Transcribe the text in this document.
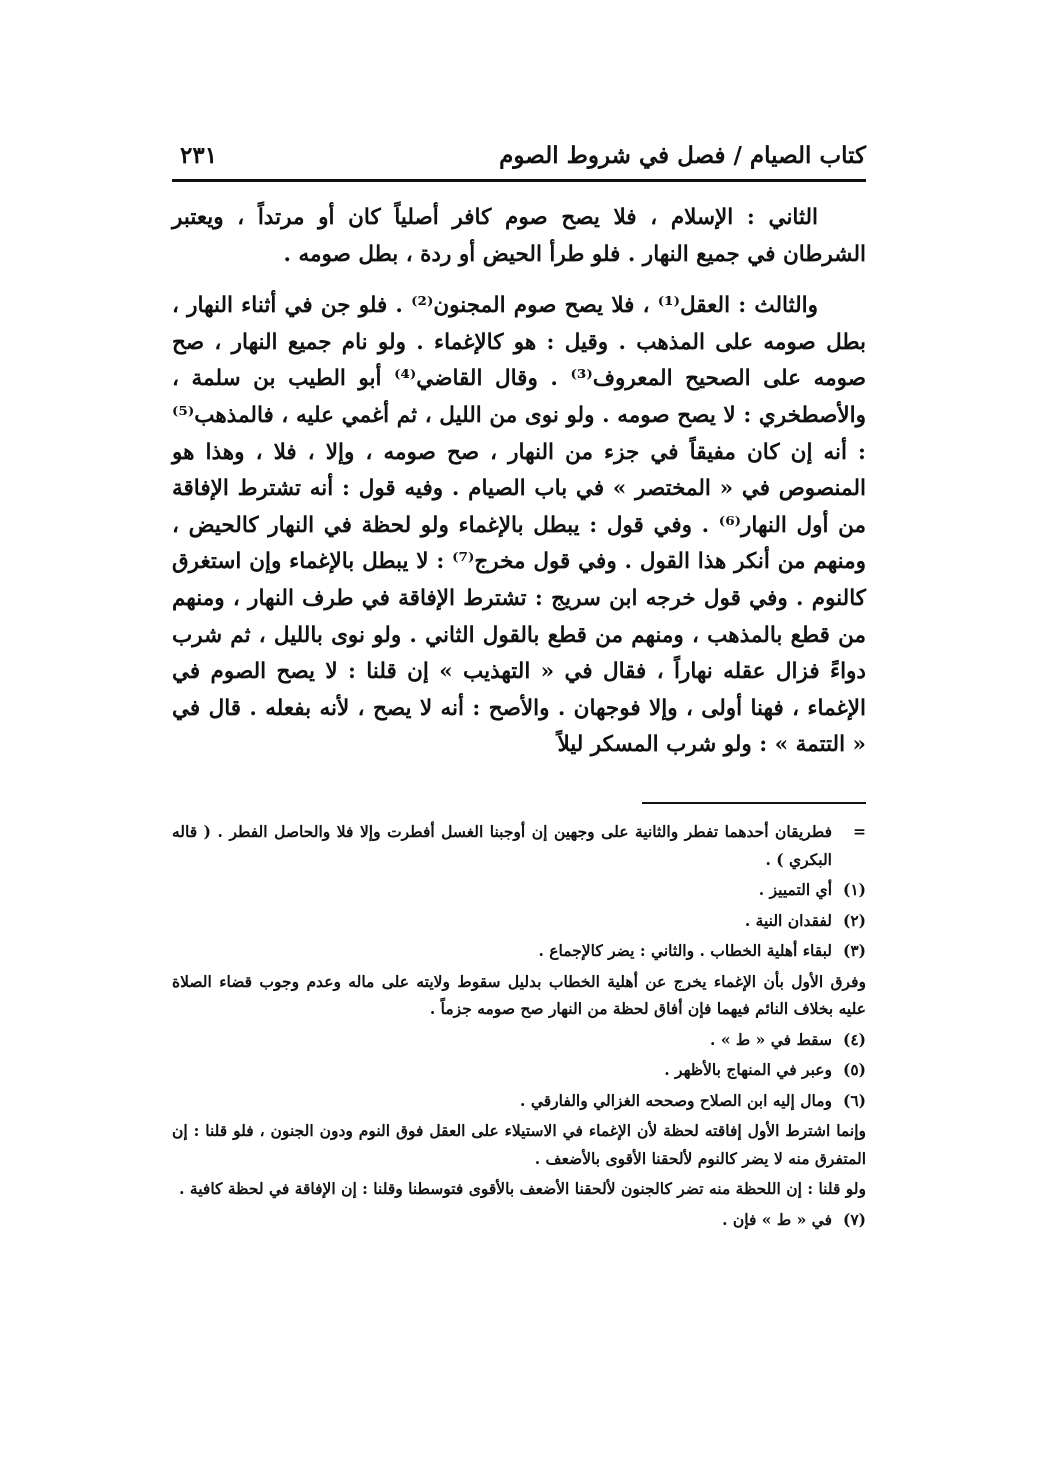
كتاب الصيام / فصل في شروط الصوم
٢٣١

الثاني : الإسلام ، فلا يصح صوم كافر أصلياً كان أو مرتداً ، ويعتبر الشرطان في جميع النهار . فلو طرأ الحيض أو ردة ، بطل صومه .

والثالث : العقل⁽¹⁾ ، فلا يصح صوم المجنون⁽²⁾ . فلو جن في أثناء النهار ، بطل صومه على المذهب . وقيل : هو كالإغماء . ولو نام جميع النهار ، صح صومه على الصحيح المعروف⁽³⁾ . وقال القاضي⁽⁴⁾ أبو الطيب بن سلمة ، والأصطخري : لا يصح صومه . ولو نوى من الليل ، ثم أغمي عليه ، فالمذهب⁽⁵⁾ : أنه إن كان مفيقاً في جزء من النهار ، صح صومه ، وإلا ، فلا ، وهذا هو المنصوص في « المختصر » في باب الصيام . وفيه قول : أنه تشترط الإفاقة من أول النهار⁽⁶⁾ . وفي قول : يبطل بالإغماء ولو لحظة في النهار كالحيض ، ومنهم من أنكر هذا القول . وفي قول مخرج⁽⁷⁾ : لا يبطل بالإغماء وإن استغرق كالنوم . وفي قول خرجه ابن سريج : تشترط الإفاقة في طرف النهار ، ومنهم من قطع بالمذهب ، ومنهم من قطع بالقول الثاني . ولو نوى بالليل ، ثم شرب دواءً فزال عقله نهاراً ، فقال في « التهذيب » إن قلنا : لا يصح الصوم في الإغماء ، فهنا أولى ، وإلا فوجهان . والأصح : أنه لا يصح ، لأنه بفعله . قال في « التتمة » : ولو شرب المسكر ليلاً

=
فطريقان أحدهما تفطر والثانية على وجهين إن أوجبنا الغسل أفطرت وإلا فلا والحاصل الفطر . ( قاله البكري ) .
(١)
أي التمييز .
(٢)
لفقدان النية .
(٣)
لبقاء أهلية الخطاب . والثاني : يضر كالإجماع .
وفرق الأول بأن الإغماء يخرج عن أهلية الخطاب بدليل سقوط ولايته على ماله وعدم وجوب قضاء الصلاة عليه بخلاف النائم فيهما فإن أفاق لحظة من النهار صح صومه جزماً .
(٤)
سقط في « ط » .
(٥)
وعبر في المنهاج بالأظهر .
(٦)
ومال إليه ابن الصلاح وصححه الغزالي والفارقي .
وإنما اشترط الأول إفاقته لحظة لأن الإغماء في الاستيلاء على العقل فوق النوم ودون الجنون ، فلو قلنا : إن المتفرق منه لا يضر كالنوم لألحقنا الأقوى بالأضعف .
ولو قلنا : إن اللحظة منه تضر كالجنون لألحقنا الأضعف بالأقوى فتوسطنا وقلنا : إن الإفاقة في لحظة كافية .
(٧)
في « ط » فإن .
